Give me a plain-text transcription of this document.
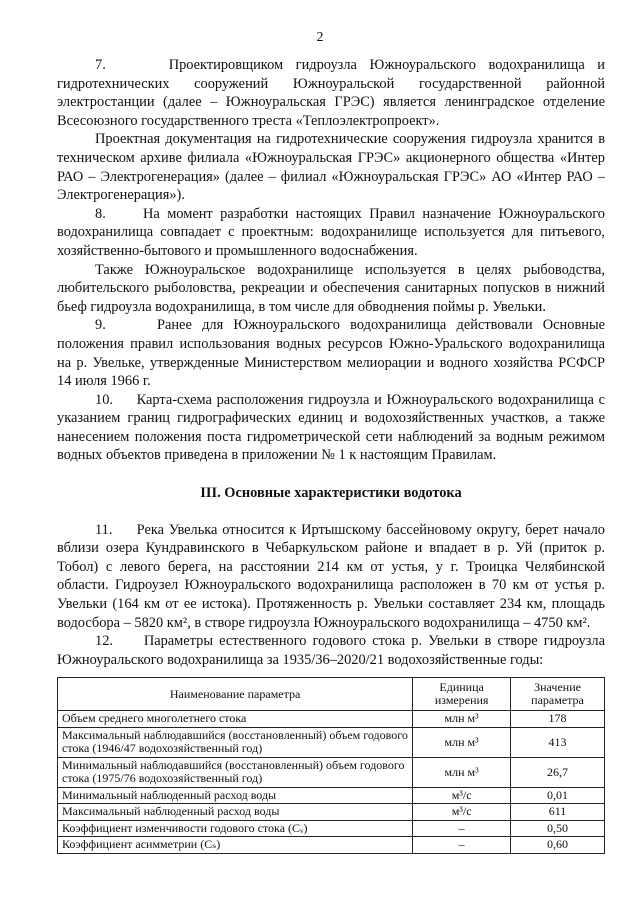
2

7.     Проектировщиком гидроузла Южноуральского водохранилища и гидротехнических сооружений Южноуральской государственной районной электростанции (далее – Южноуральская ГРЭС) является ленинградское отделение Всесоюзного государственного треста «Теплоэлектропроект».

Проектная документация на гидротехнические сооружения гидроузла хранится в техническом архиве филиала «Южноуральская ГРЭС» акционерного общества «Интер РАО – Электрогенерация» (далее – филиал «Южноуральская ГРЭС» АО «Интер РАО – Электрогенерация»).

8.     На момент разработки настоящих Правил назначение Южноуральского водохранилища совпадает с проектным: водохранилище используется для питьевого, хозяйственно-бытового и промышленного водоснабжения.

Также Южноуральское водохранилище используется в целях рыбоводства, любительского рыболовства, рекреации и обеспечения санитарных попусков в нижний бьеф гидроузла водохранилища, в том числе для обводнения поймы р. Увельки.

9.     Ранее для Южноуральского водохранилища действовали Основные положения правил использования водных ресурсов Южно-Уральского водохранилища на р. Увельке, утвержденные Министерством мелиорации и водного хозяйства РСФСР 14 июля 1966 г.

10.     Карта-схема расположения гидроузла и Южноуральского водохранилища с указанием границ гидрографических единиц и водохозяйственных участков, а также нанесением положения поста гидрометрической сети наблюдений за водным режимом водных объектов приведена в приложении № 1 к настоящим Правилам.

III. Основные характеристики водотока

11.     Река Увелька относится к Иртышскому бассейновому округу, берет начало вблизи озера Кундравинского в Чебаркульском районе и впадает в р. Уй (приток р. Тобол) с левого берега, на расстоянии 214 км от устья, у г. Троицка Челябинской области. Гидроузел Южноуральского водохранилища расположен в 70 км от устья р. Увельки (164 км от ее истока). Протяженность р. Увельки составляет 234 км, площадь водосбора – 5820 км², в створе гидроузла Южноуральского водохранилища – 4750 км².

12.     Параметры естественного годового стока р. Увельки в створе гидроузла Южноуральского водохранилища за 1935/36–2020/21 водохозяйственные годы:

Наименование параметра	Единица измерения	Значение параметра
Объем среднего многолетнего стока	млн м³	178
Максимальный наблюдавшийся (восстановленный) объем годового стока (1946/47 водохозяйственный год)	млн м³	413
Минимальный наблюдавшийся (восстановленный) объем годового стока (1975/76 водохозяйственный год)	млн м³	26,7
Минимальный наблюденный расход воды	м³/с	0,01
Максимальный наблюденный расход воды	м³/с	611
Коэффициент изменчивости годового стока (Cᵥ)	–	0,50
Коэффициент асимметрии (Cₛ)	–	0,60
